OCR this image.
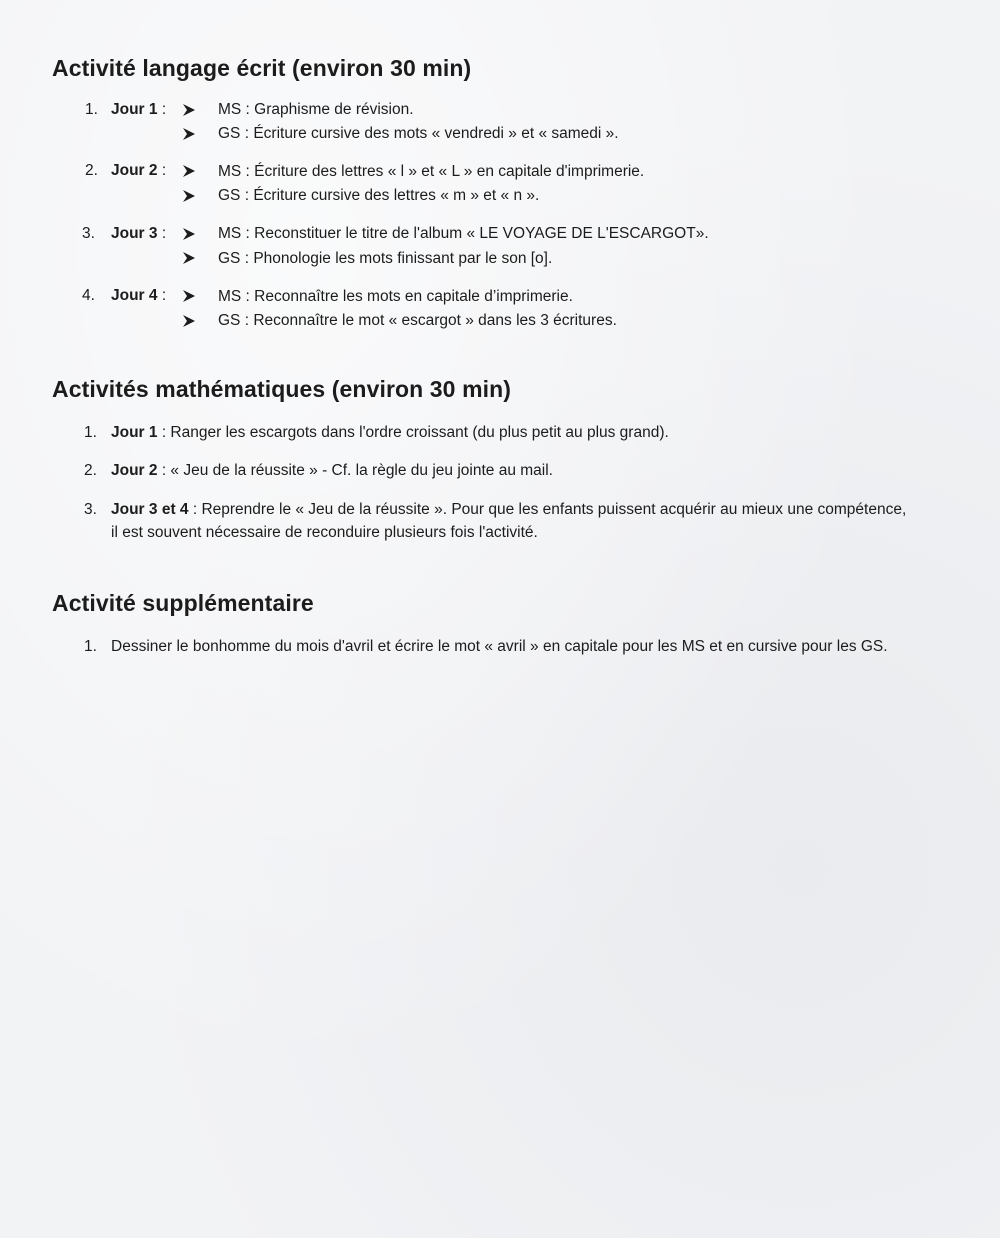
Activité langage écrit (environ 30 min)
1. Jour 1 :	MS : Graphisme de révision.
GS : Écriture cursive des mots « vendredi » et « samedi ».
2. Jour 2 :	MS : Écriture des lettres « l » et « L » en capitale d'imprimerie.
GS : Écriture cursive des lettres « m » et « n ».
3. Jour 3 :	MS : Reconstituer le titre de l'album « LE VOYAGE DE L'ESCARGOT».
GS : Phonologie les mots finissant par le son [o].
4. Jour 4 :	MS : Reconnaître les mots en capitale d’imprimerie.
GS : Reconnaître le mot « escargot » dans les 3 écritures.
Activités mathématiques (environ 30 min)
1. Jour 1 : Ranger les escargots dans l'ordre croissant (du plus petit au plus grand).
2. Jour 2 : « Jeu de la réussite » - Cf. la règle du jeu jointe au mail.
3. Jour 3 et 4 : Reprendre le « Jeu de la réussite ». Pour que les enfants puissent acquérir au mieux une compétence,
il est souvent nécessaire de reconduire plusieurs fois l'activité.
Activité supplémentaire
1. Dessiner le bonhomme du mois d'avril et écrire le mot « avril » en capitale pour les MS et en cursive pour les GS.
